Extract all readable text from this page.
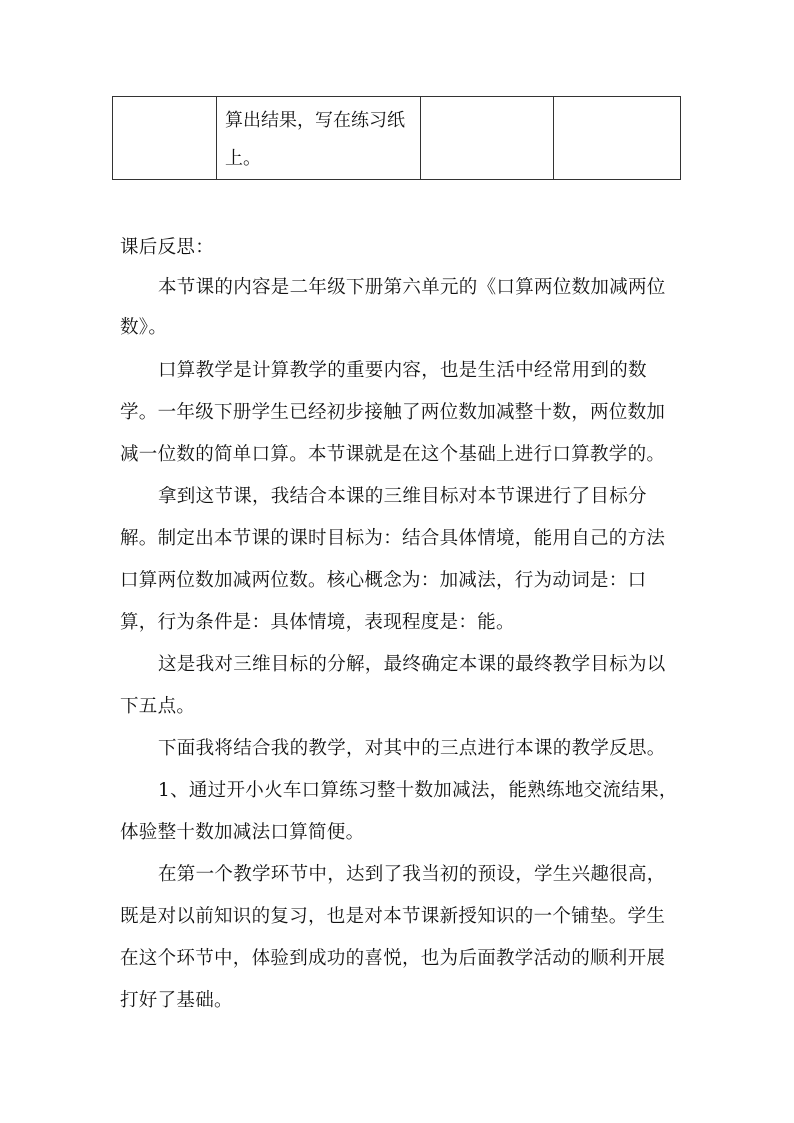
算出结果，写在练习纸
上。

课后反思：
本节课的内容是二年级下册第六单元的《口算两位数加减两位
数》。
口算教学是计算教学的重要内容，也是生活中经常用到的数
学。一年级下册学生已经初步接触了两位数加减整十数，两位数加
减一位数的简单口算。本节课就是在这个基础上进行口算教学的。
拿到这节课，我结合本课的三维目标对本节课进行了目标分
解。制定出本节课的课时目标为：结合具体情境，能用自己的方法
口算两位数加减两位数。核心概念为：加减法，行为动词是：口
算，行为条件是：具体情境，表现程度是：能。
这是我对三维目标的分解，最终确定本课的最终教学目标为以
下五点。
下面我将结合我的教学，对其中的三点进行本课的教学反思。
1、通过开小火车口算练习整十数加减法，能熟练地交流结果，
体验整十数加减法口算简便。
在第一个教学环节中，达到了我当初的预设，学生兴趣很高，
既是对以前知识的复习，也是对本节课新授知识的一个铺垫。学生
在这个环节中，体验到成功的喜悦，也为后面教学活动的顺利开展
打好了基础。
